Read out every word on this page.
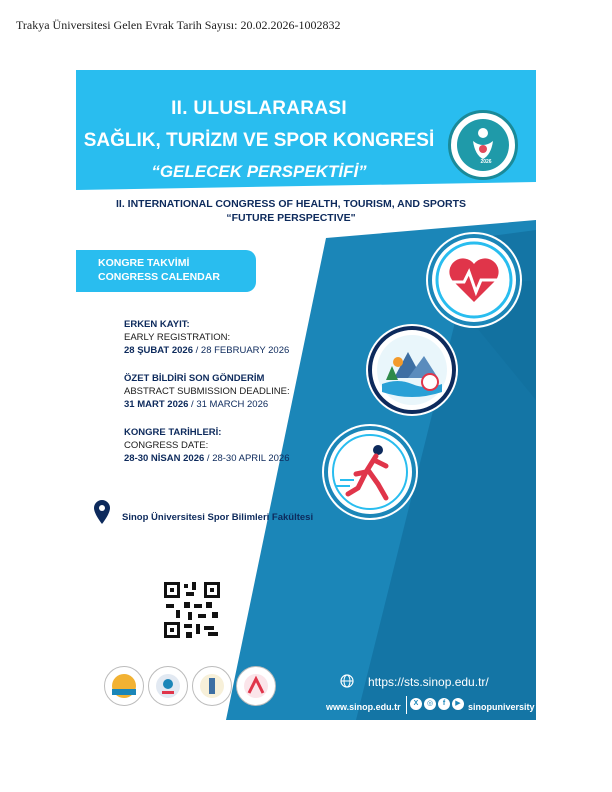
Trakya Üniversitesi Gelen Evrak Tarih Sayısı: 20.02.2026-1002832
II. ULUSLARARASI
SAĞLIK, TURİZM VE SPOR KONGRESİ
“GELECEK PERSPEKTİFİ”
II. INTERNATIONAL CONGRESS OF HEALTH, TOURISM, AND SPORTS
“FUTURE PERSPECTIVE"
2026
KONGRE TAKVİMİ
CONGRESS CALENDAR
ERKEN KAYIT:
EARLY REGISTRATION:
28 ŞUBAT 2026 / 28 FEBRUARY 2026
ÖZET BİLDİRİ SON GÖNDERİM
ABSTRACT SUBMISSION DEADLINE:
31 MART 2026 / 31 MARCH 2026
KONGRE TARİHLERİ:
CONGRESS DATE:
28-30 NİSAN 2026 / 28-30 APRIL 2026
Sinop Üniversitesi Spor Bilimleri Fakültesi
https://sts.sinop.edu.tr/
www.sinop.edu.tr	X	◎	f	▶ sinopuniversity
